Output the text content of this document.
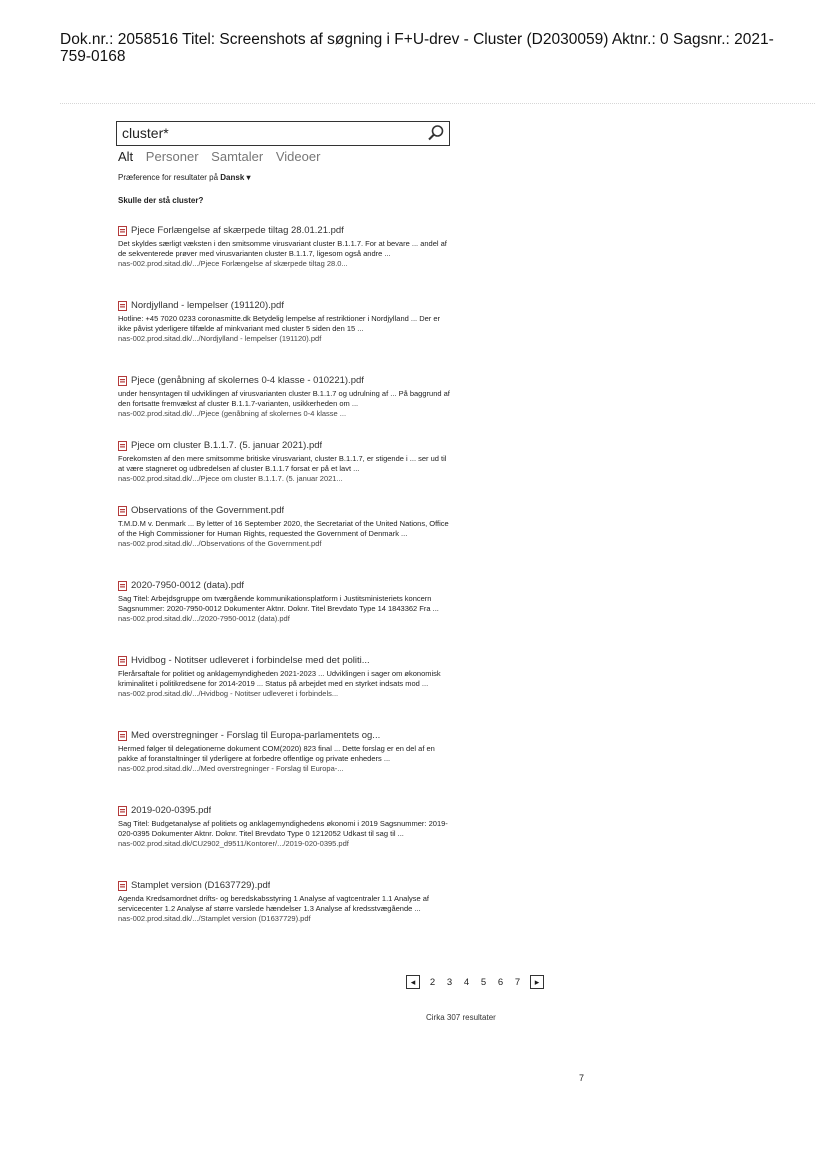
Dok.nr.: 2058516 Titel: Screenshots af søgning i F+U-drev - Cluster (D2030059) Aktnr.: 0 Sagsnr.: 2021-759-0168
cluster*
Alt Personer Samtaler Videoer
Præference for resultater på Dansk ▾
Skulle der stå cluster?
Pjece Forlængelse af skærpede tiltag 28.01.21.pdf
Det skyldes særligt væksten i den smitsomme virusvariant cluster B.1.1.7. For at bevare ... andel af de sekventerede prøver med virusvarianten cluster B.1.1.7, ligesom også andre ...
nas-002.prod.sitad.dk/.../Pjece Forlængelse af skærpede tiltag 28.0...
Nordjylland - lempelser (191120).pdf
Hotline: +45 7020 0233 coronasmitte.dk Betydelig lempelse af restriktioner i Nordjylland ... Der er ikke påvist yderligere tilfælde af minkvariant med cluster 5 siden den 15 ...
nas-002.prod.sitad.dk/.../Nordjylland - lempelser (191120).pdf
Pjece (genåbning af skolernes 0-4 klasse - 010221).pdf
under hensyntagen til udviklingen af virusvarianten cluster B.1.1.7 og udrulning af ... På baggrund af den fortsatte fremvækst af cluster B.1.1.7-varianten, usikkerheden om ...
nas-002.prod.sitad.dk/.../Pjece (genåbning af skolernes 0-4 klasse ...
Pjece om cluster B.1.1.7. (5. januar 2021).pdf
Forekomsten af den mere smitsomme britiske virusvariant, cluster B.1.1.7, er stigende i ... ser ud til at være stagneret og udbredelsen af cluster B.1.1.7 forsat er på et lavt ...
nas-002.prod.sitad.dk/.../Pjece om cluster B.1.1.7. (5. januar 2021...
Observations of the Government.pdf
T.M.D.M v. Denmark ... By letter of 16 September 2020, the Secretariat of the United Nations, Office of the High Commissioner for Human Rights, requested the Government of Denmark ...
nas-002.prod.sitad.dk/.../Observations of the Government.pdf
2020-7950-0012 (data).pdf
Sag Titel: Arbejdsgruppe om tværgående kommunikationsplatform i Justitsministeriets koncern Sagsnummer: 2020-7950-0012 Dokumenter Aktnr. Doknr. Titel Brevdato Type 14 1843362 Fra ...
nas-002.prod.sitad.dk/.../2020-7950-0012 (data).pdf
Hvidbog - Notitser udleveret i forbindelse med det politi...
Flerårsaftale for politiet og anklagemyndigheden 2021-2023 ... Udviklingen i sager om økonomisk kriminalitet i politikredsene for 2014-2019 ... Status på arbejdet med en styrket indsats mod ...
nas-002.prod.sitad.dk/.../Hvidbog - Notitser udleveret i forbindels...
Med overstregninger - Forslag til Europa-parlamentets og...
Hermed følger til delegationerne dokument COM(2020) 823 final ... Dette forslag er en del af en pakke af foranstaltninger til yderligere at forbedre offentlige og private enheders ...
nas-002.prod.sitad.dk/.../Med overstregninger - Forslag til Europa-...
2019-020-0395.pdf
Sag Titel: Budgetanalyse af politiets og anklagemyndighedens økonomi i 2019 Sagsnummer: 2019-020-0395 Dokumenter Aktnr. Doknr. Titel Brevdato Type 0 1212052 Udkast til sag til ...
nas-002.prod.sitad.dk/CU2902_d9511/Kontorer/.../2019-020-0395.pdf
Stamplet version (D1637729).pdf
Agenda Kredsamordnet drifts- og beredskabsstyring 1 Analyse af vagtcentraler 1.1 Analyse af servicecenter 1.2 Analyse af større varslede hændelser 1.3 Analyse af kredsstvægående ...
nas-002.prod.sitad.dk/.../Stamplet version (D1637729).pdf
◂	2	3	4	5	6	7	▸
Cirka 307 resultater
7
